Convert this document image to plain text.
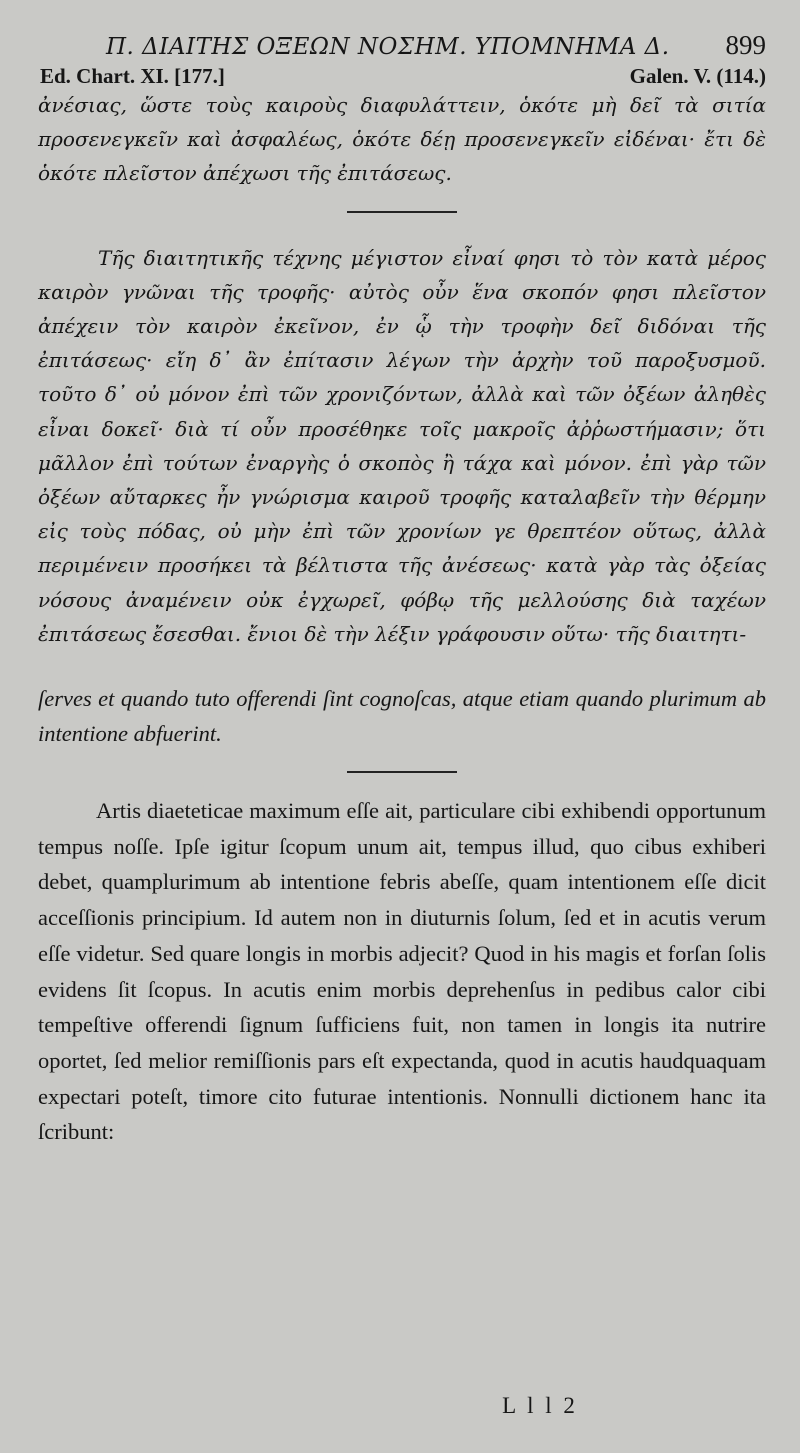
Π. ΔΙΑΙΤΗΣ ΟΞΕΩΝ ΝΟΣΗΜ. ΥΠΟΜΝΗΜΑ Δ. 899
Ed. Chart. XI. [177.]	Galen. V. (114.)

ἀνέσιας, ὥστε τοὺς καιροὺς διαφυλάττειν, ὁκότε μὴ δεῖ τὰ σιτία προσενεγκεῖν καὶ ἀσφαλέως, ὁκότε δέῃ προσενεγκεῖν εἰδέναι· ἔτι δὲ ὁκότε πλεῖστον ἀπέχωσι τῆς ἐπιτάσεως.

Τῆς διαιτητικῆς τέχνης μέγιστον εἶναί φησι τὸ τὸν κατὰ μέρος καιρὸν γνῶναι τῆς τροφῆς· αὐτὸς οὖν ἕνα σκοπόν φησι πλεῖστον ἀπέχειν τὸν καιρὸν ἐκεῖνον, ἐν ᾧ τὴν τροφὴν δεῖ διδόναι τῆς ἐπιτάσεως· εἴη δ᾽ ἂν ἐπίτασιν λέγων τὴν ἀρχὴν τοῦ παροξυσμοῦ. τοῦτο δ᾽ οὐ μόνον ἐπὶ τῶν χρονιζόντων, ἀλλὰ καὶ τῶν ὀξέων ἀληθὲς εἶναι δοκεῖ· διὰ τί οὖν προσέθηκε τοῖς μακροῖς ἀῤῥωστήμασιν; ὅτι μᾶλλον ἐπὶ τούτων ἐναργὴς ὁ σκοπὸς ἢ τάχα καὶ μόνον. ἐπὶ γὰρ τῶν ὀξέων αὔταρκες ἦν γνώρισμα καιροῦ τροφῆς καταλαβεῖν τὴν θέρμην εἰς τοὺς πόδας, οὐ μὴν ἐπὶ τῶν χρονίων γε θρεπτέον οὕτως, ἀλλὰ περιμένειν προσήκει τὰ βέλτιστα τῆς ἀνέσεως· κατὰ γὰρ τὰς ὀξείας νόσους ἀναμένειν οὐκ ἐγχωρεῖ, φόβῳ τῆς μελλούσης διὰ ταχέων ἐπιτάσεως ἔσεσθαι. ἔνιοι δὲ τὴν λέξιν γράφουσιν οὕτω· τῆς διαιτητι-

ſerves et quando tuto offerendi ſint cognoſcas, atque etiam quando plurimum ab intentione abfuerint.

Artis diaeteticae maximum eſſe ait, particulare cibi exhibendi opportunum tempus noſſe. Ipſe igitur ſcopum unum ait, tempus illud, quo cibus exhiberi debet, quamplurimum ab intentione febris abeſſe, quam intentionem eſſe dicit acceſſionis principium. Id autem non in diuturnis ſolum, ſed et in acutis verum eſſe videtur. Sed quare longis in morbis adjecit? Quod in his magis et forſan ſolis evidens ſit ſcopus. In acutis enim morbis deprehenſus in pedibus calor cibi tempeſtive offerendi ſignum ſufficiens fuit, non tamen in longis ita nutrire oportet, ſed melior remiſſionis pars eſt expectanda, quod in acutis haudquaquam expectari poteſt, timore cito futurae intentionis. Nonnulli dictionem hanc ita ſcribunt:

L l l 2
